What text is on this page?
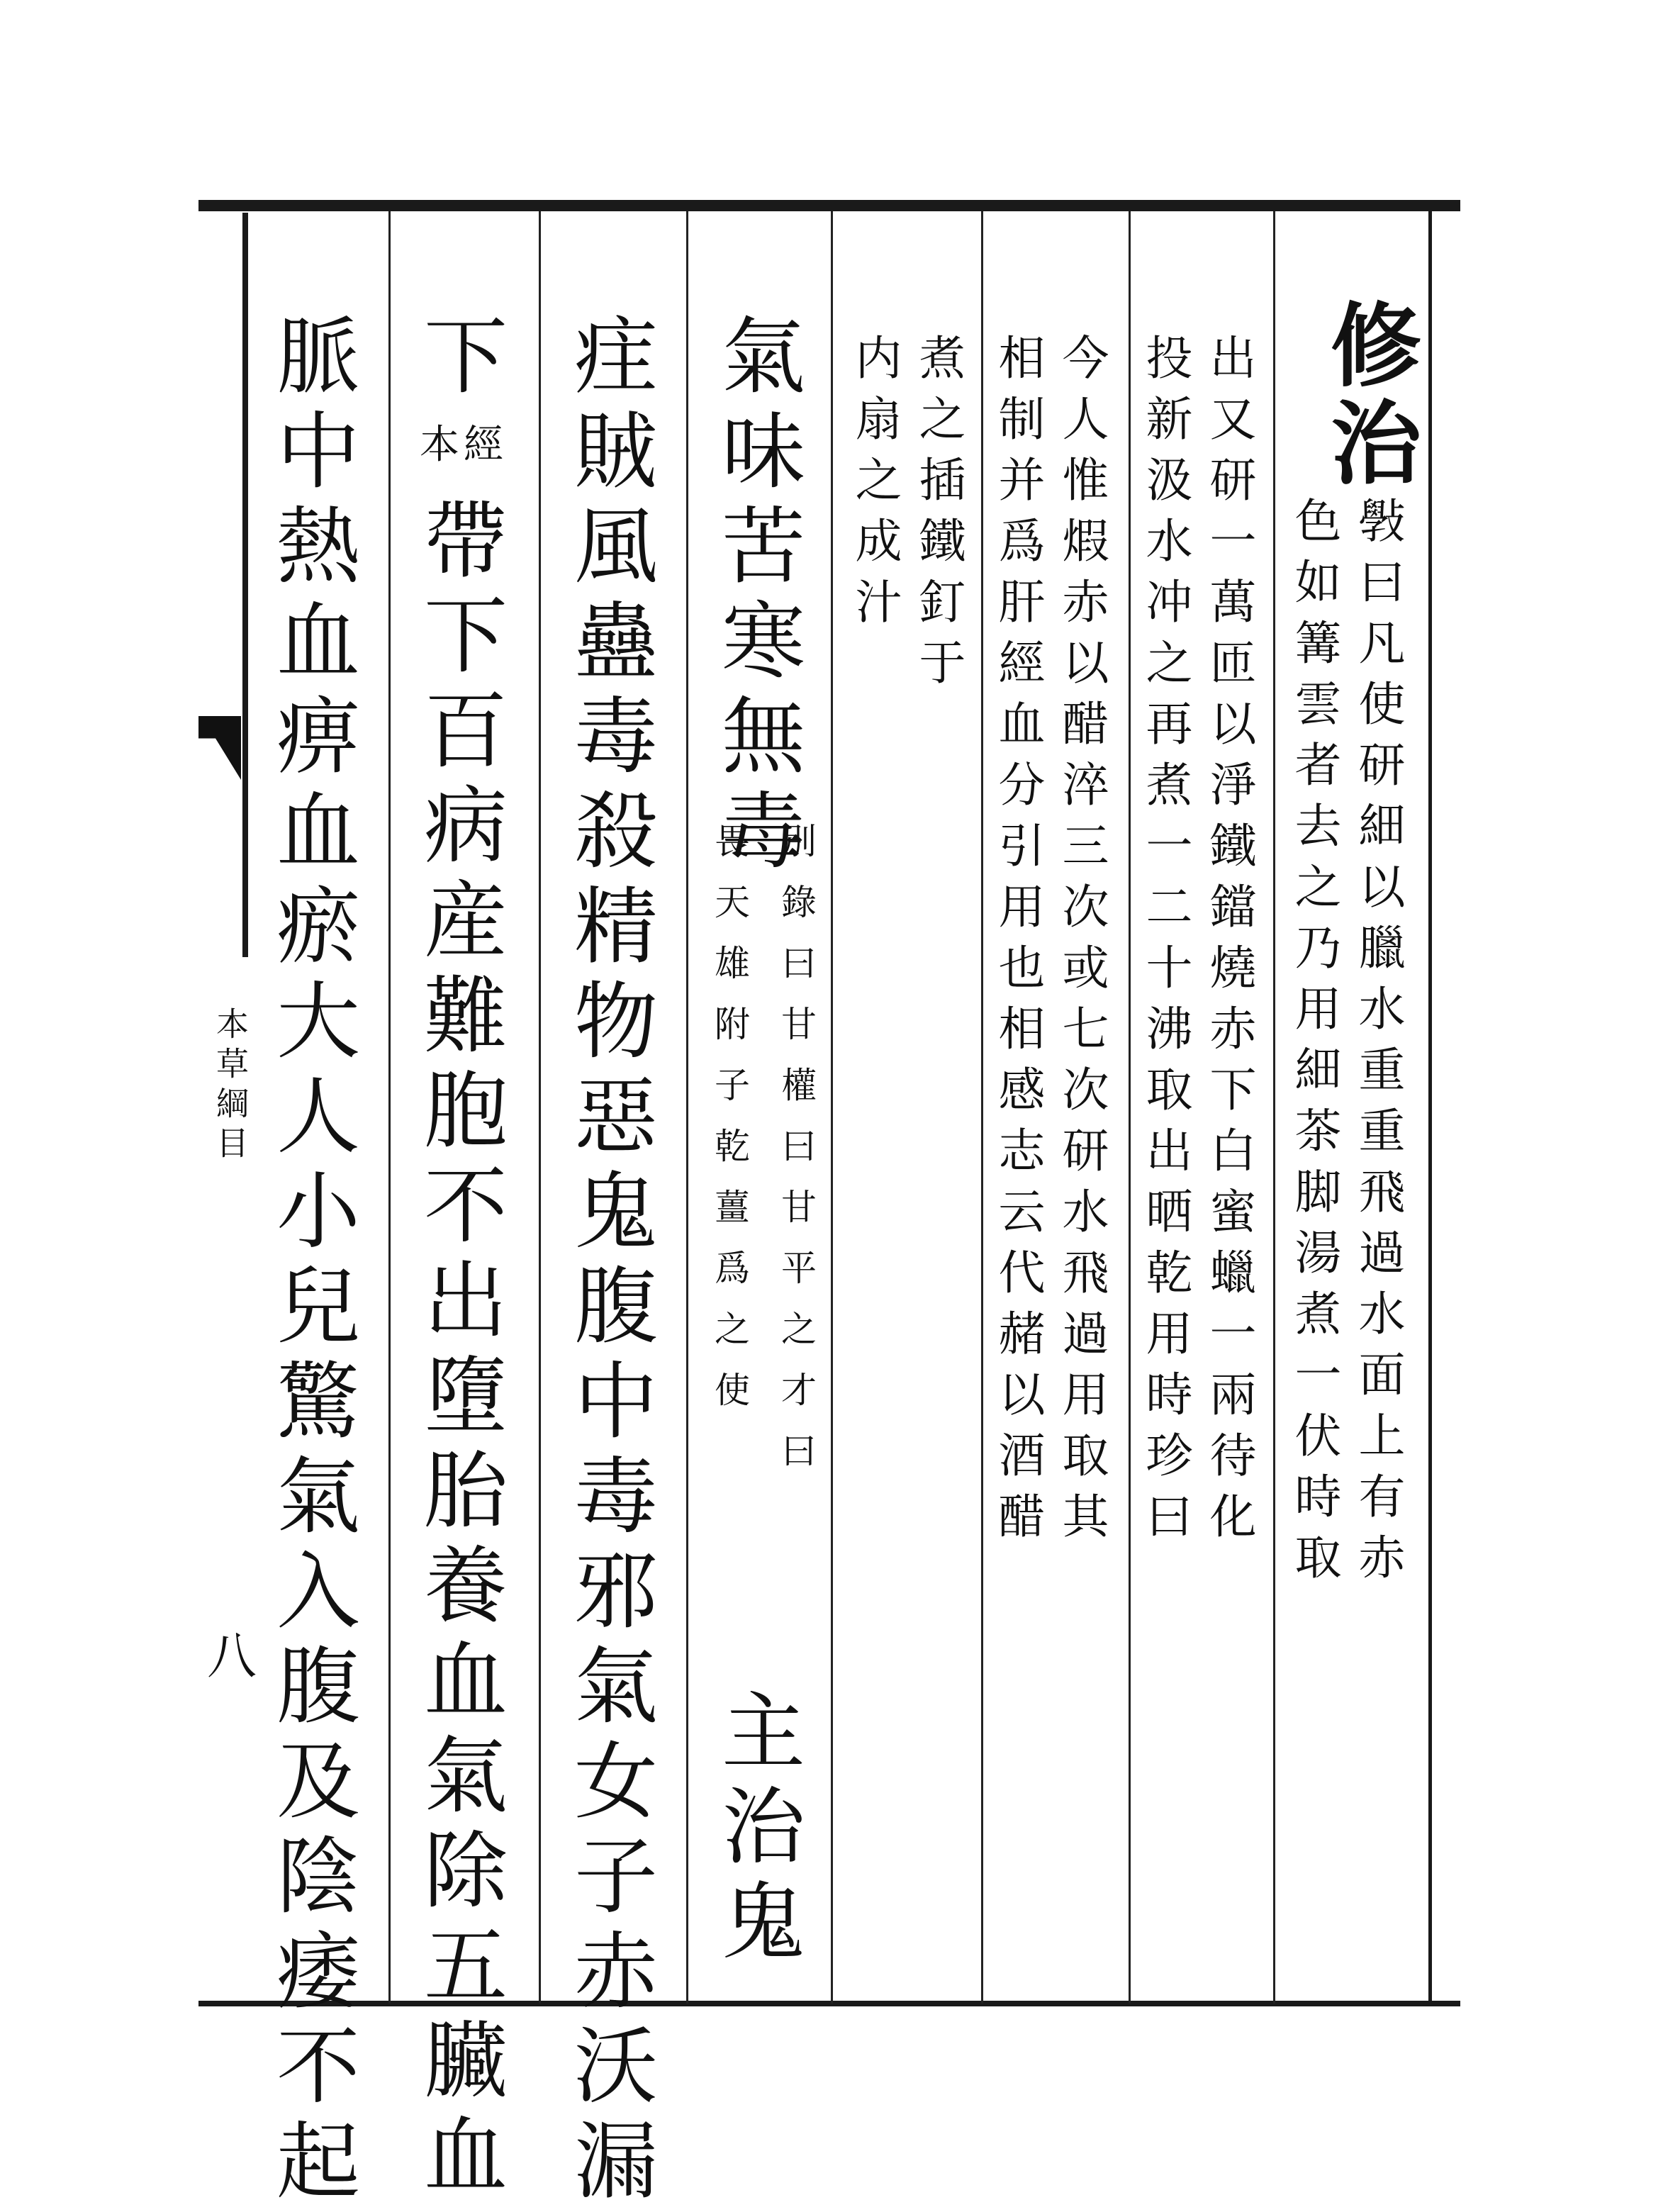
本草綱目
八
修治
斅曰凡使研細以臘水重重飛過水面上有赤
色如篝雲者去之乃用細茶脚湯煮一伏時取
出又研一萬匝以淨鐵鐺燒赤下白蜜蠟一兩待化
投新汲水冲之再煮一二十沸取出晒乾用時珍曰
今人惟煆赤以醋淬三次或七次研水飛過用取其
相制并爲肝經血分引用也相感志云代赭以酒醋
煮之插鐵釘于
内扇之成汁
氣味苦寒無毒
別錄曰甘權曰甘平之才曰
畏天雄附子乾薑爲之使
主治鬼
疰賊風蠱毒殺精物惡鬼腹中毒邪氣女子赤沃漏
下
本經
帶下百病産難胞不出墮胎養血氣除五臟血
脈中熱血痹血瘀大人小兒驚氣入腹及陰痿不起
